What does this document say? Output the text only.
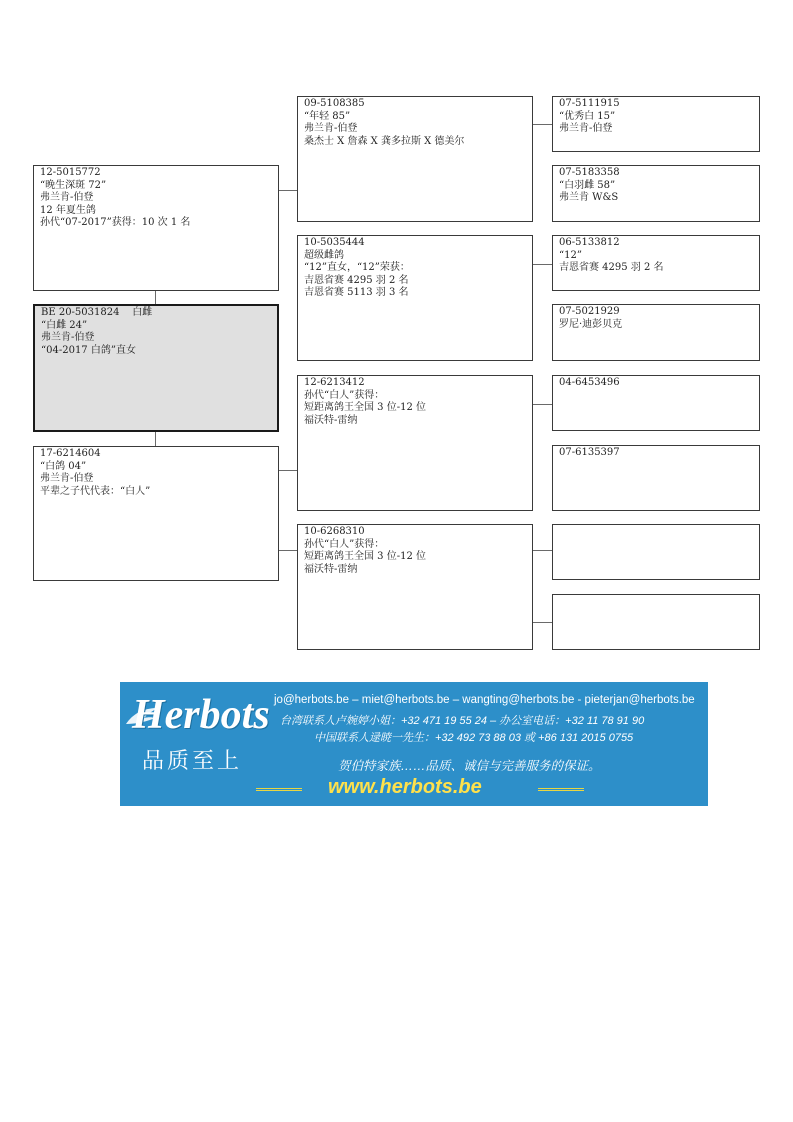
12-5015772
“晚生深斑 72”
弗兰肯-伯登
12 年夏生鸽
孙代“07-2017”获得：10 次 1 名
BE 20-5031824 白雌
“白雌 24”
弗兰肯-伯登
“04-2017 白鸽”直女
17-6214604
“白鸽 04”
弗兰肯-伯登
平辈之子代代表：“白人”
09-5108385
“年轻 85”
弗兰肯-伯登
桑杰士 X 詹森 X 龚多拉斯 X 德美尔
10-5035444
超级雌鸽
“12”直女，“12”荣获：
吉恩省赛 4295 羽 2 名
吉恩省赛 5113 羽 3 名
12-6213412
孙代“白人”获得：
短距离鸽王全国 3 位-12 位
福沃特-雷纳
10-6268310
孙代“白人”获得：
短距离鸽王全国 3 位-12 位
福沃特-雷纳
07-5111915
“优秀白 15”
弗兰肯-伯登
07-5183358
“白羽雌 58”
弗兰肯 W&S
06-5133812
“12”
吉恩省赛 4295 羽 2 名
07-5021929
罗尼·迪彭贝克
04-6453496
07-6135397
Herbots
品质至上
jo@herbots.be – miet@herbots.be – wangting@herbots.be - pieterjan@herbots.be
台湾联系人卢婉婷小姐：+32 471 19 55 24 – 办公室电话：+32 11 78 91 90
中国联系人逯暁一先生：+32 492 73 88 03 或 +86 131 2015 0755
贺伯特家族……品质、诚信与完善服务的保证。
www.herbots.be
